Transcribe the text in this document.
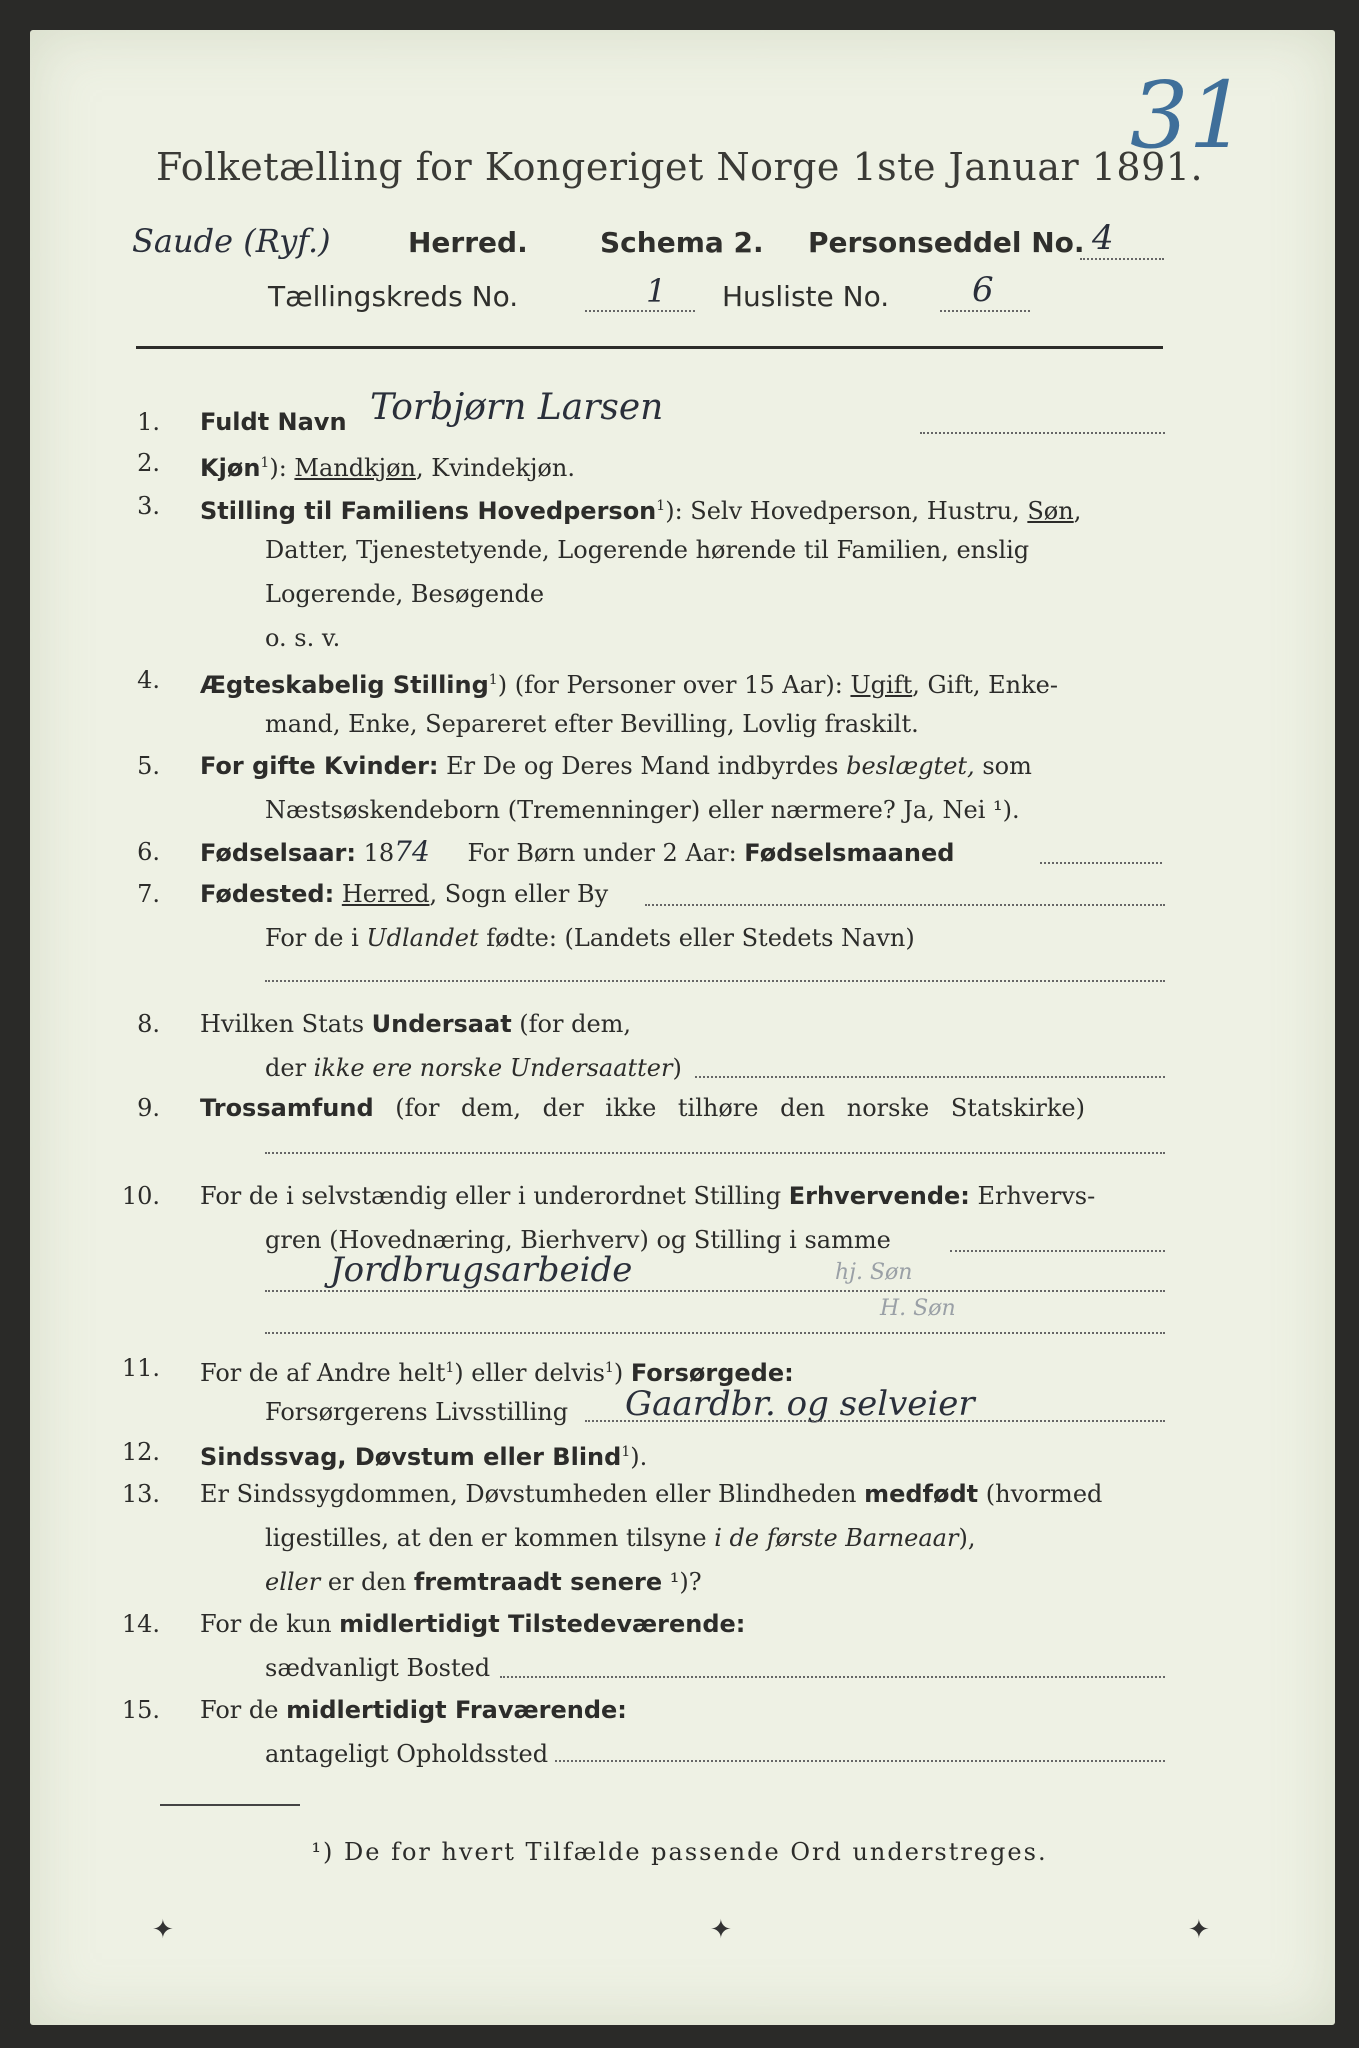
31
Folketælling for Kongeriget Norge 1ste Januar 1891.
Saude (Ryf.)	Herred.	Schema 2. Personseddel No. 4
Tællingskreds No.	1 Husliste No. 6
1. Fuldt Navn Torbjørn Larsen
2. Kjøn$^1$): Mandkjøn, Kvindekjøn.
3. Stilling til Familiens Hovedperson$^1$): Selv Hovedperson, Hustru, Søn,
Datter, Tjenestetyende, Logerende hørende til Familien, enslig
Logerende, Besøgende
o. s. v.
4. Ægteskabelig Stilling$^1$) (for Personer over 15 Aar): Ugift, Gift, Enke-
mand, Enke, Separeret efter Bevilling, Lovlig fraskilt.
5. For gifte Kvinder: Er De og Deres Mand indbyrdes beslægtet, som
Næstsøskendeborn (Tremenninger) eller nærmere? Ja, Nei ¹).
6. Fødselsaar: 1874 For Børn under 2 Aar: Fødselsmaaned
7. Fødested: Herred, Sogn eller By
For de i Udlandet fødte: (Landets eller Stedets Navn)
8. Hvilken Stats Undersaat (for dem,
der ikke ere norske Undersaatter)
9. Trossamfund (for dem, der ikke tilhøre den norske Statskirke)
10. For de i selvstændig eller i underordnet Stilling Erhvervende: Erhvervs-
gren (Hovednæring, Bierhverv) og Stilling i samme
Jordbrugsarbeide	hj. Søn
H. Søn
11. For de af Andre helt$^1$) eller delvis$^1$) Forsørgede:
Forsørgerens Livsstilling Gaardbr. og selveier
12. Sindssvag, Døvstum eller Blind$^1$).
13. Er Sindssygdommen, Døvstumheden eller Blindheden medfødt (hvormed
ligestilles, at den er kommen tilsyne i de første Barneaar),
eller er den fremtraadt senere ¹)?
14. For de kun midlertidigt Tilstedeværende:
sædvanligt Bosted
15. For de midlertidigt Fraværende:
antageligt Opholdssted
¹) De for hvert Tilfælde passende Ord understreges.
✦	✦	✦
